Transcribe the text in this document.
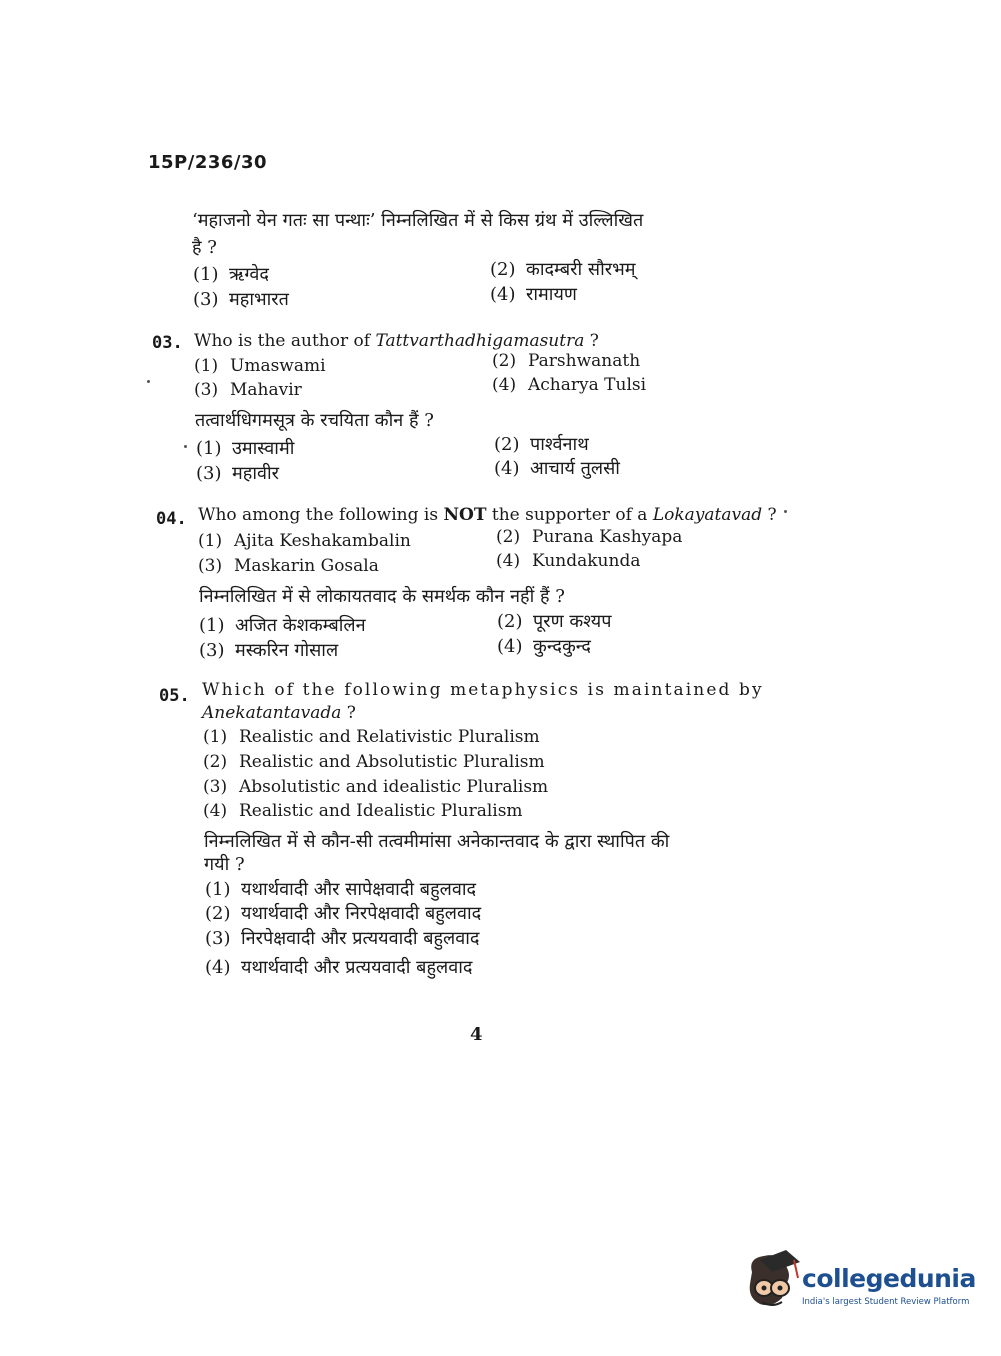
15P/236/30
‘महाजनो येन गतः सा पन्थाः’ निम्नलिखित में से किस ग्रंथ में उल्लिखित
है ?
(1) ऋग्वेद	(2) कादम्बरी सौरभम्
(3) महाभारत	(4) रामायण
03. Who is the author of Tattvarthadhigamasutra ?
(1) Umaswami	(2) Parshwanath
(3) Mahavir	(4) Acharya Tulsi
तत्वार्थधिगमसूत्र के रचयिता कौन हैं ?
(1) उमास्वामी	(2) पार्श्वनाथ
(3) महावीर	(4) आचार्य तुलसी
04. Who among the following is NOT the supporter of a Lokayatavad ?
(1) Ajita Keshakambalin	(2) Purana Kashyapa
(3) Maskarin Gosala	(4) Kundakunda
निम्नलिखित में से लोकायतवाद के समर्थक कौन नहीं हैं ?
(1) अजित केशकम्बलिन	(2) पूरण कश्यप
(3) मस्करिन गोसाल	(4) कुन्दकुन्द
05. Which of the following metaphysics is maintained by
Anekatantavada ?
(1) Realistic and Relativistic Pluralism
(2) Realistic and Absolutistic Pluralism
(3) Absolutistic and idealistic Pluralism
(4) Realistic and Idealistic Pluralism
निम्नलिखित में से कौन-सी तत्वमीमांसा अनेकान्तवाद के द्वारा स्थापित की
गयी ?
(1) यथार्थवादी और सापेक्षवादी बहुलवाद
(2) यथार्थवादी और निरपेक्षवादी बहुलवाद
(3) निरपेक्षवादी और प्रत्ययवादी बहुलवाद
(4) यथार्थवादी और प्रत्ययवादी बहुलवाद
4
collegedunia
India's largest Student Review Platform
